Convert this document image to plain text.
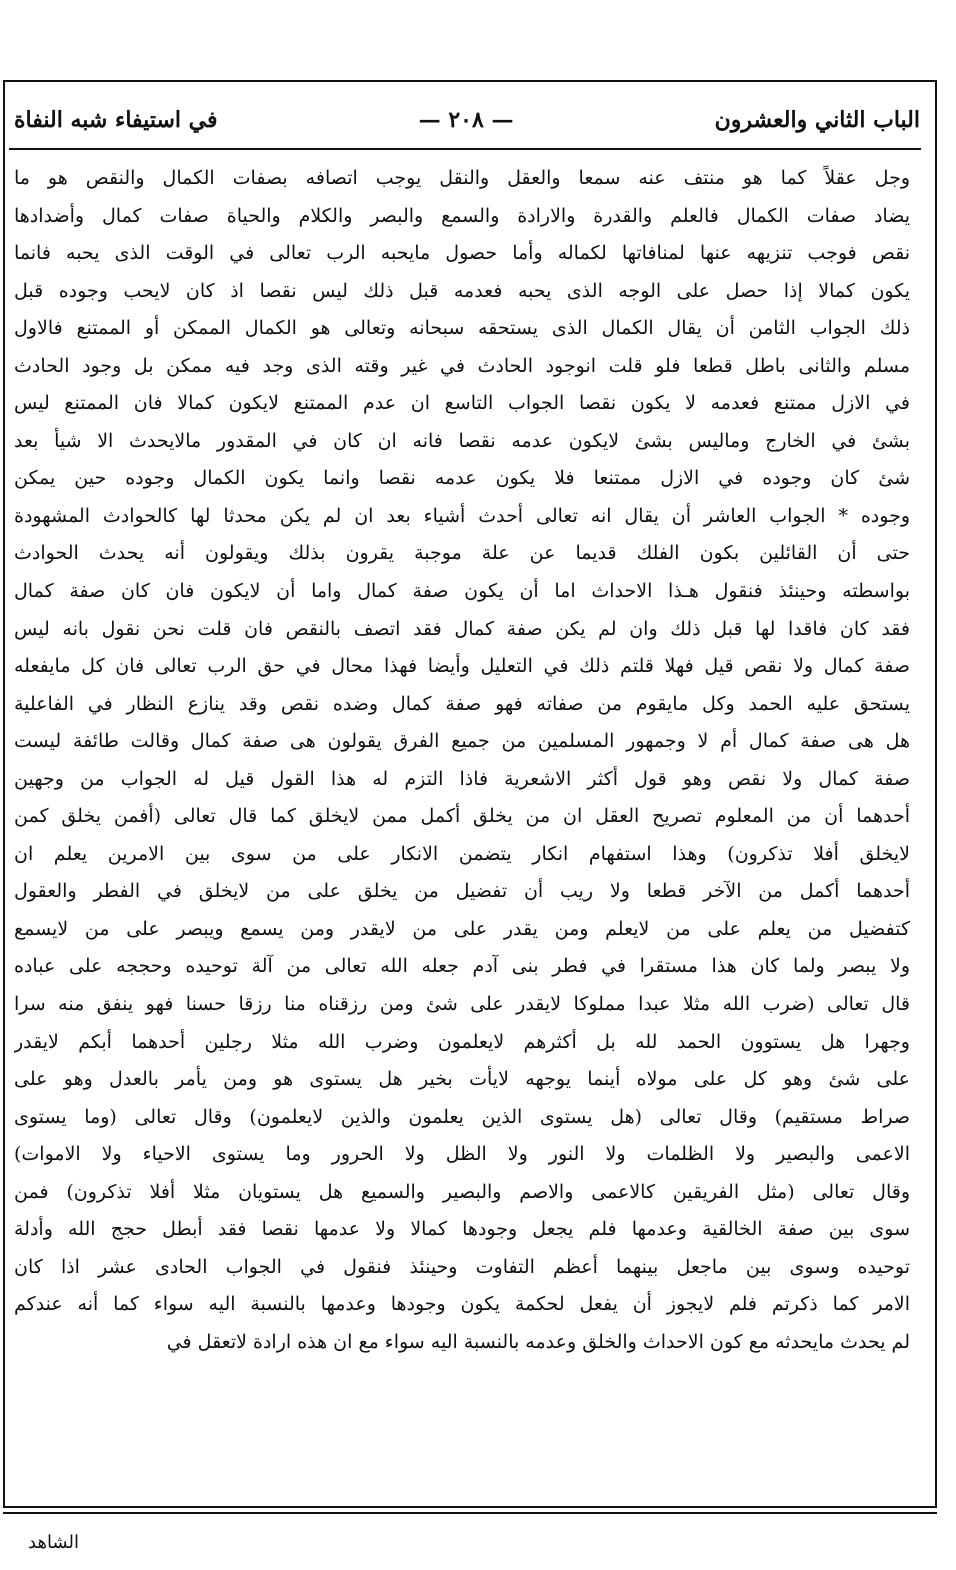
الباب الثاني والعشرون
— ٢٠٨ —
في استيفاء شبه النفاة
وجل عقلاً كما هو منتف عنه سمعا والعقل والنقل يوجب اتصافه بصفات الكمال والنقص هو ما
يضاد صفات الكمال فالعلم والقدرة والارادة والسمع والبصر والكلام والحياة صفات كمال وأضدادها
نقص فوجب تنزيهه عنها لمنافاتها لكماله وأما حصول مايحبه الرب تعالى في الوقت الذى يحبه فانما
يكون كمالا إذا حصل على الوجه الذى يحبه فعدمه قبل ذلك ليس نقصا اذ كان لايحب وجوده قبل
ذلك الجواب الثامن أن يقال الكمال الذى يستحقه سبحانه وتعالى هو الكمال الممكن أو الممتنع فالاول
مسلم والثانى باطل قطعا فلو قلت انوجود الحادث في غير وقته الذى وجد فيه ممكن بل وجود الحادث
في الازل ممتنع فعدمه لا يكون نقصا الجواب التاسع ان عدم الممتنع لايكون كمالا فان الممتنع ليس
بشئ في الخارج ومالیس بشئ لايكون عدمه نقصا فانه ان كان في المقدور مالايحدث الا شيأ بعد
شئ كان وجوده في الازل ممتنعا فلا يكون عدمه نقصا وانما يكون الكمال وجوده حين يمكن
وجوده * الجواب العاشر أن يقال انه تعالى أحدث أشياء بعد ان لم يكن محدثا لها كالحوادث المشهودة
حتى أن القائلين بكون الفلك قديما عن علة موجبة يقرون بذلك ويقولون أنه يحدث الحوادث
بواسطته وحينئذ فنقول هـذا الاحداث اما أن يكون صفة كمال واما أن لايكون فان كان صفة كمال
فقد كان فاقدا لها قبل ذلك وان لم يكن صفة كمال فقد اتصف بالنقص فان قلت نحن نقول بانه ليس
صفة كمال ولا نقص قيل فهلا قلتم ذلك في التعليل وأيضا فهذا محال في حق الرب تعالى فان كل مايفعله
يستحق عليه الحمد وكل مايقوم من صفاته فهو صفة كمال وضده نقص وقد ينازع النظار في الفاعلية
هل هى صفة كمال أم لا وجمهور المسلمين من جميع الفرق يقولون هى صفة كمال وقالت طائفة ليست
صفة كمال ولا نقص وهو قول أكثر الاشعرية فاذا التزم له هذا القول قيل له الجواب من وجهين
أحدهما أن من المعلوم تصريح العقل ان من يخلق أكمل ممن لايخلق كما قال تعالى (أفمن يخلق كمن
لايخلق أفلا تذكرون) وهذا استفهام انكار يتضمن الانكار على من سوى بين الامرين يعلم ان
أحدهما أكمل من الآخر قطعا ولا ريب أن تفضيل من يخلق على من لايخلق في الفطر والعقول
كتفضيل من يعلم على من لايعلم ومن يقدر على من لايقدر ومن يسمع ويبصر على من لايسمع
ولا يبصر ولما كان هذا مستقرا في فطر بنى آدم جعله الله تعالى من آلة توحيده وحججه على عباده
قال تعالى (ضرب الله مثلا عبدا مملوكا لايقدر على شئ ومن رزقناه منا رزقا حسنا فهو ينفق منه سرا
وجهرا هل يستوون الحمد لله بل أكثرهم لايعلمون وضرب الله مثلا رجلين أحدهما أبكم لايقدر
على شئ وهو كل على مولاه أينما يوجهه لايأت بخير هل يستوى هو ومن يأمر بالعدل وهو على
صراط مستقيم) وقال تعالى (هل يستوى الذين يعلمون والذين لايعلمون) وقال تعالى (وما يستوى
الاعمى والبصير ولا الظلمات ولا النور ولا الظل ولا الحرور وما يستوى الاحياء ولا الاموات)
وقال تعالى (مثل الفريقين كالاعمى والاصم والبصير والسميع هل يستويان مثلا أفلا تذكرون) فمن
سوى بين صفة الخالقية وعدمها فلم يجعل وجودها كمالا ولا عدمها نقصا فقد أبطل حجج الله وأدلة
توحيده وسوى بين ماجعل بينهما أعظم التفاوت وحينئذ فنقول في الجواب الحادى عشر اذا كان
الامر كما ذكرتم فلم لايجوز أن يفعل لحكمة يكون وجودها وعدمها بالنسبة اليه سواء كما أنه عندكم
لم يحدث مايحدثه مع كون الاحداث والخلق وعدمه بالنسبة اليه سواء مع ان هذه ارادة لاتعقل في
الشاهد
